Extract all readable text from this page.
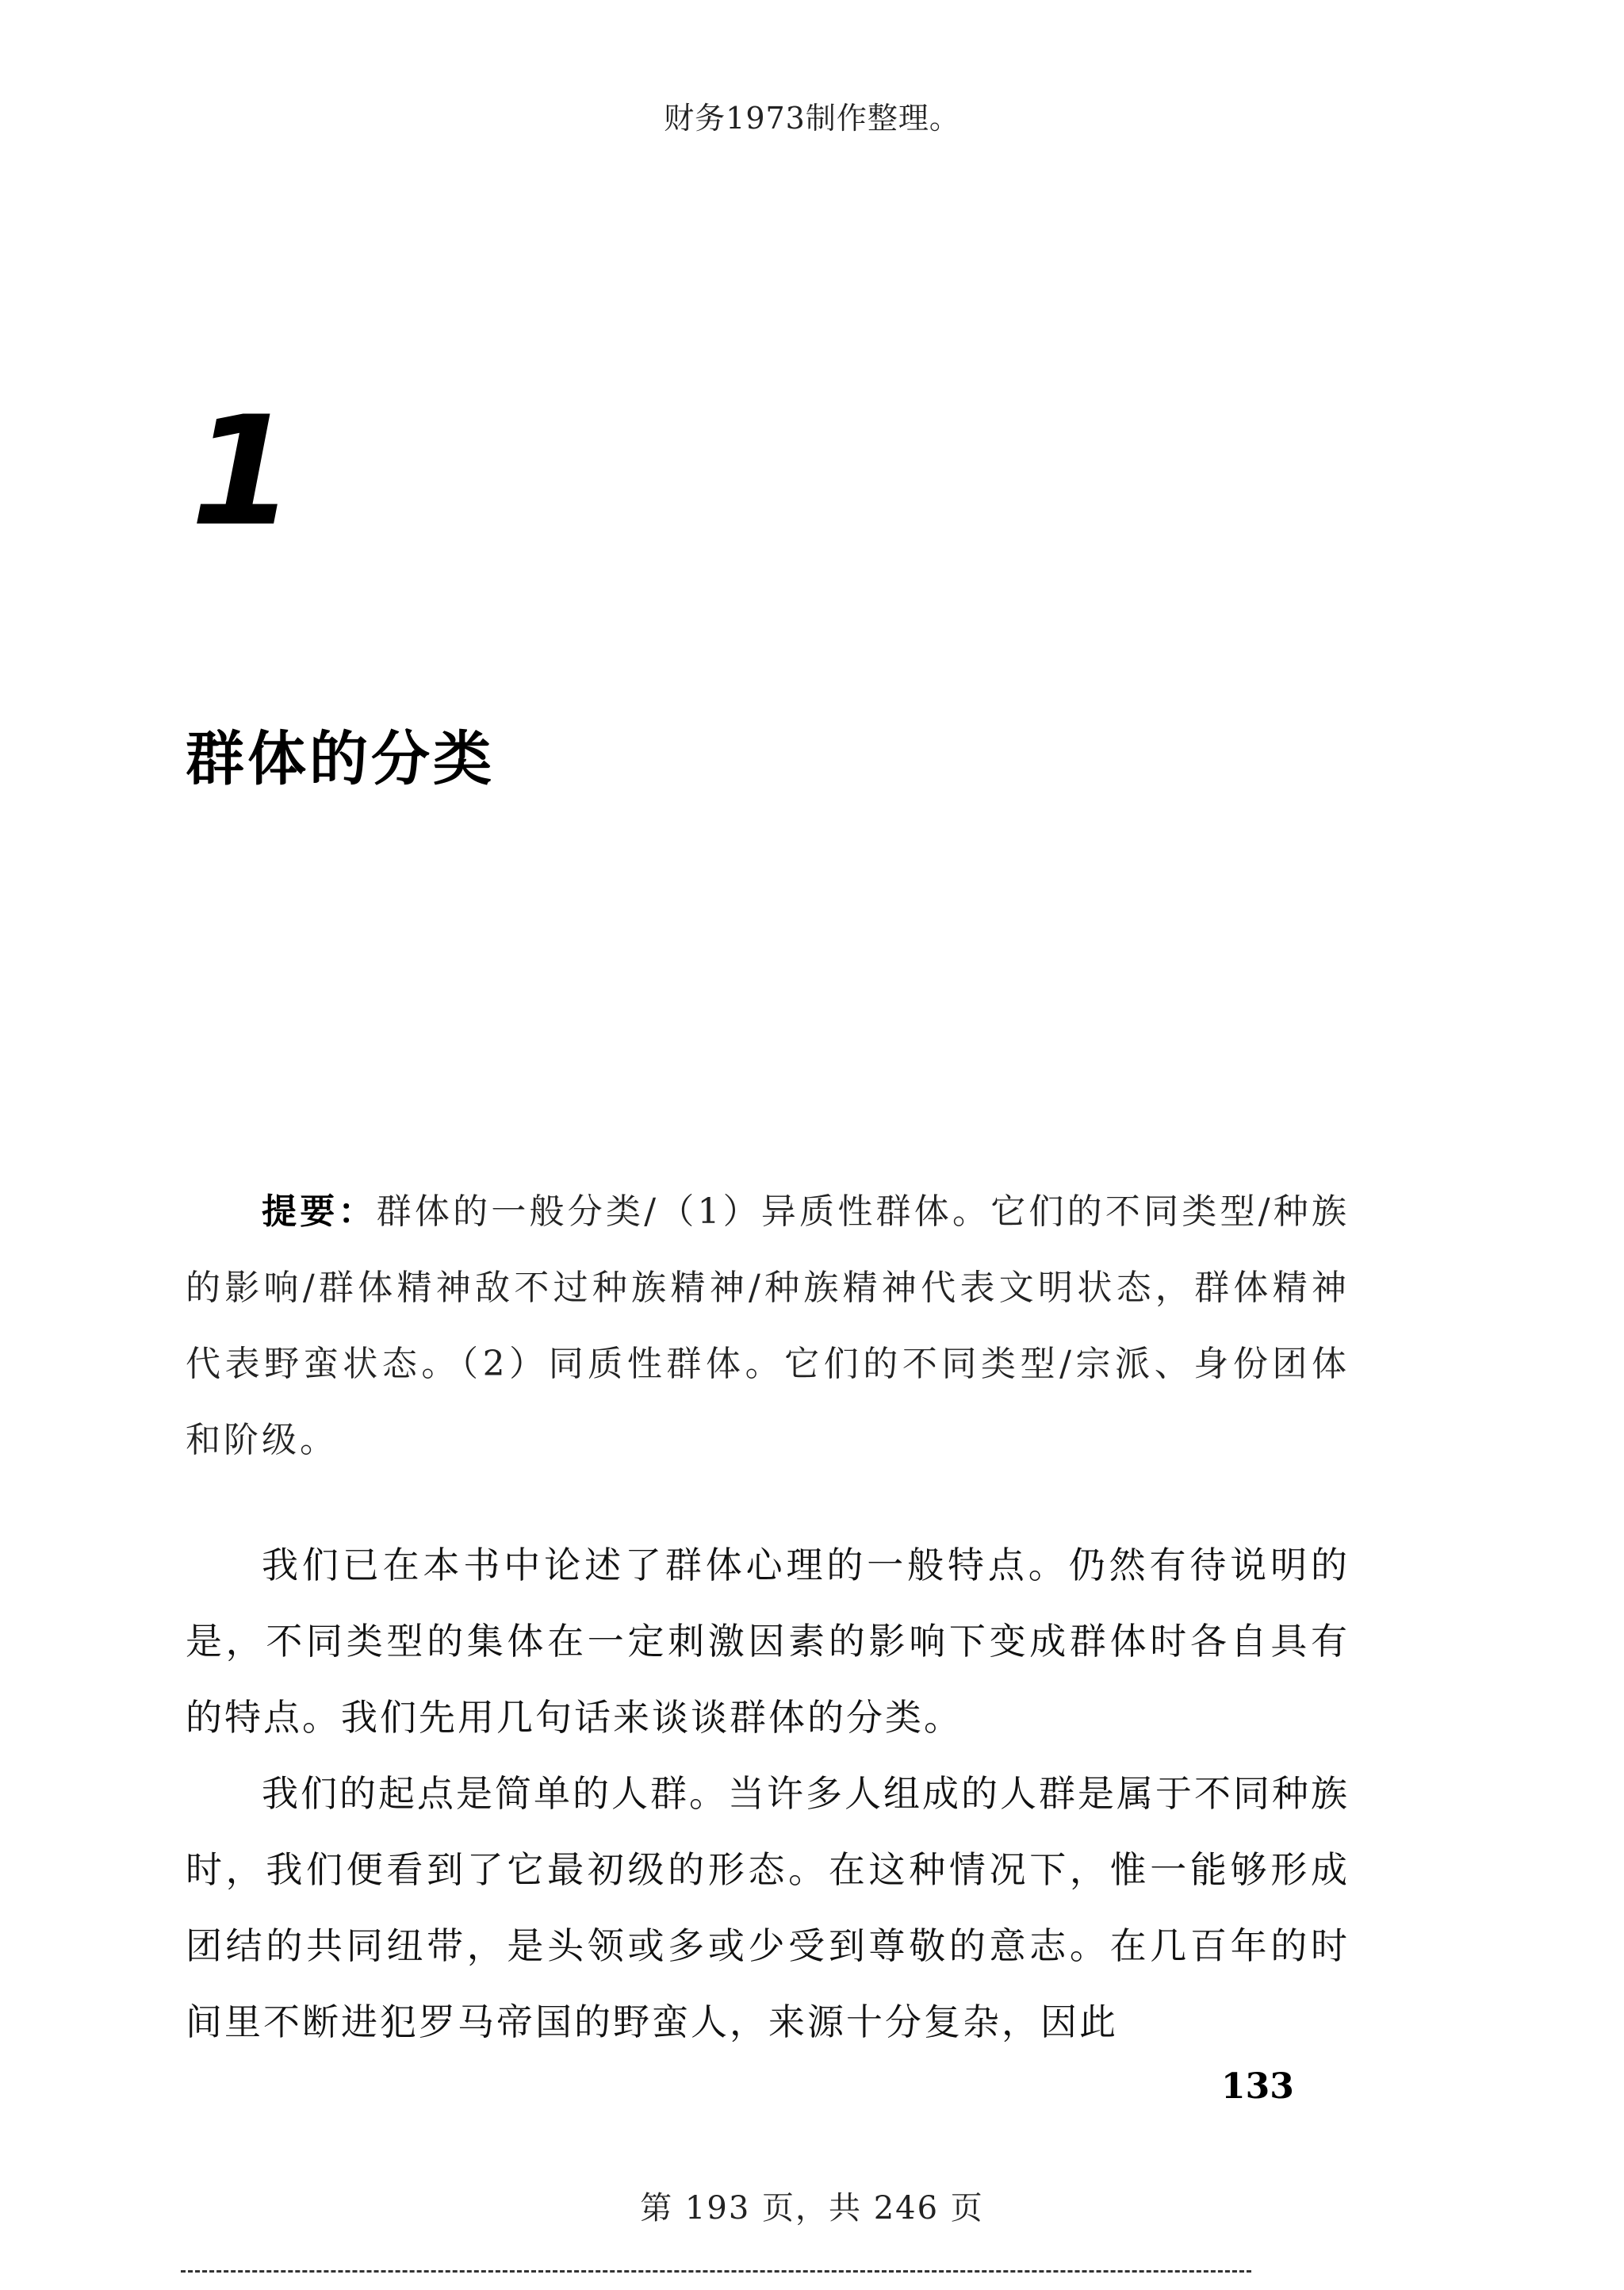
财务1973制作整理。
1
群体的分类
提要：群体的一般分类/（1）异质性群体。它们的不同类型/种族的影响/群体精神敌不过种族精神/种族精神代表文明状态，群体精神代表野蛮状态。（2）同质性群体。它们的不同类型/宗派、身份团体和阶级。

我们已在本书中论述了群体心理的一般特点。仍然有待说明的是，不同类型的集体在一定刺激因素的影响下变成群体时各自具有的特点。我们先用几句话来谈谈群体的分类。

我们的起点是简单的人群。当许多人组成的人群是属于不同种族时，我们便看到了它最初级的形态。在这种情况下，惟一能够形成团结的共同纽带，是头领或多或少受到尊敬的意志。在几百年的时间里不断进犯罗马帝国的野蛮人，来源十分复杂，因此

133
第 193 页，共 246 页
